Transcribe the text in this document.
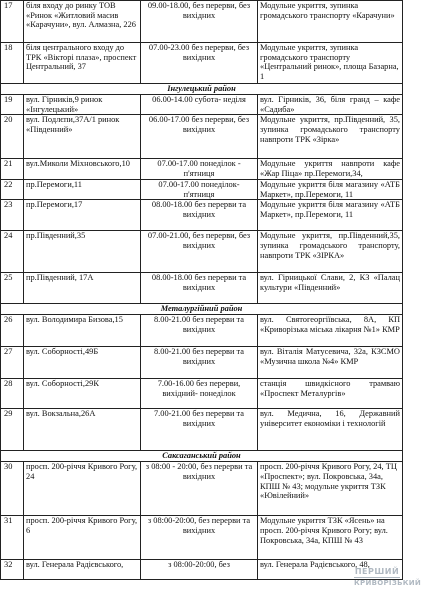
17	біля входу до ринку ТОВ «Ринок «Житловий масив «Карачуни», вул. Алмазна, 226	09.00-18.00, без перерви, без вихідних	Модульне укриття, зупинка громадського транспорту «Карачуни»
18	біля центрального входу до ТРК «Вікторі плаза», проспект Центральний, 37	07.00-23.00 без перерви, без вихідних	Модульне укриття, зупинка громадського транспорту «Центральний ринок», площа Базарна, 1
Інгулецький район			
19	вул. Гірників,9 ринок «Інгулецький»	06.00-14.00 субота- неділя	вул. Гірників, 36, біля гранд – кафе «Садиба»
20	вул. Подлєпи,37А/1 ринок «Південний»	06.00-17.00 без перерви, без вихідних	Модульне укриття, пр.Південний, 35, зупинка громадського транспорту навпроти ТРК «Зірка»
21	вул.Миколи Міхновського,10	07.00-17.00 понеділок - п'ятниця	Модульне укриття навпроти кафе «Жар Піца» пр.Перемоги,34,
22	пр.Перемоги,11	07.00-17.00 понеділок- п'ятниця	Модульне укриття біля магазину «АТБ Маркет», пр.Перемоги, 11
23	пр.Перемоги,17	08.00-18.00 без перерви та вихідних	Модульне укриття біля магазину «АТБ Маркет», пр.Перемоги, 11
24	пр.Південний,35	07.00-21.00, без перерви, без вихідних	Модульне укриття, пр.Південний,35, зупинка громадського транспорту, навпроти ТРК «ЗІРКА»
25	пр.Південний, 17А	08.00-18.00 без перерви та вихідних	вул. Гірницької Слави, 2, КЗ «Палац культури «Південний»
Металургійний район			
26	вул. Володимира Бизова,15	8.00-21.00 без перерви та вихідних	вул. Святогеоргіївська, 8А, КП «Криворізька міська лікарня №1» КМР
27	вул. Соборності,49Б	8.00-21.00 без перерви та вихідних	вул. Віталія Матусевича, 32а, КЗСМО «Музична школа №4» КМР
28	вул. Соборності,29К	7.00-16.00 без перерви, вихідний- понеділок	станція швидкісного трамваю «Проспект Металургів»
29	вул. Вокзальна,26А	7.00-21.00 без перерви та вихідних	вул. Медична, 16, Державний університет економіки і технологій
Саксаганський район			
30	просп. 200-річчя Кривого Рогу, 24	з 08:00 - 20:00, без перерви та вихідних	просп. 200-річчя Кривого Рогу, 24, ТЦ «Проспект»; вул. Покровська, 34а, КПШ № 43; модульне укриття ТЗК «Ювілейний»
31	просп. 200-річчя Кривого Рогу, 6	з 08:00-20:00, без перерви та вихідних	Модульне укриття ТЗК «Ясень» на просп. 200-річчя Кривого Рогу; вул. Покровська, 34а, КПШ № 43
32	вул. Генерала Радієвського,	з 08:00-20:00, без	вул. Генерала Радієвського, 48,
ПЕРШИЙ
КРИВОРІЗЬКИЙ
